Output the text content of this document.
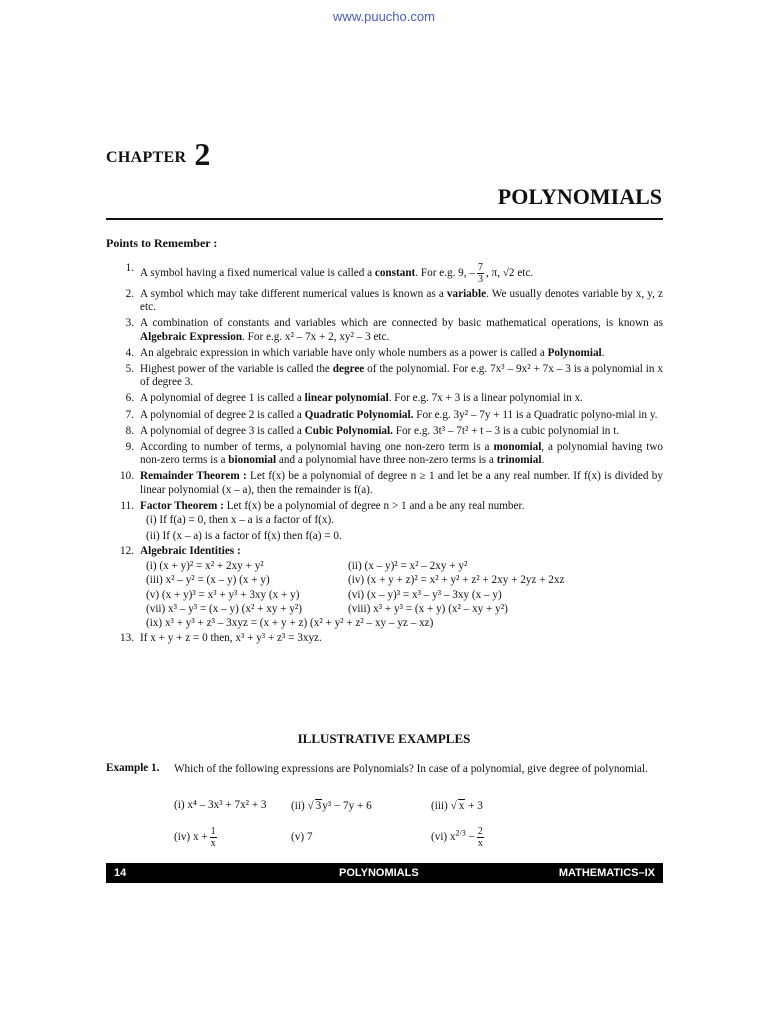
www.puucho.com
CHAPTER 2
POLYNOMIALS
Points to Remember :
1. A symbol having a fixed numerical value is called a constant. For e.g. 9, – $\frac{7}{3}$ , π, √2 etc.
2. A symbol which may take different numerical values is known as a variable. We usually denotes variable by x, y, z etc.
3. A combination of constants and variables which are connected by basic mathematical operations, is known as Algebraic Expression. For e.g. x² – 7x + 2, xy² – 3 etc.
4. An algebraic expression in which variable have only whole numbers as a power is called a Polynomial.
5. Highest power of the variable is called the degree of the polynomial. For e.g. 7x³ – 9x² + 7x – 3 is a polynomial in x of degree 3.
6. A polynomial of degree 1 is called a linear polynomial. For e.g. 7x + 3 is a linear polynomial in x.
7. A polynomial of degree 2 is called a Quadratic Polynomial. For e.g. 3y² – 7y + 11 is a Quadratic polyno-mial in y.
8. A polynomial of degree 3 is called a Cubic Polynomial. For e.g. 3t³ – 7t² + t – 3 is a cubic polynomial in t.
9. According to number of terms, a polynomial having one non-zero term is a monomial, a polynomial having two non-zero terms is a bionomial and a polynomial have three non-zero terms is a trinomial.
10. Remainder Theorem : Let f(x) be a polynomial of degree n ≥ 1 and let be a any real number. If f(x) is divided by linear polynomial (x – a), then the remainder is f(a).
11. Factor Theorem : Let f(x) be a polynomial of degree n > 1 and a be any real number.
(i) If f(a) = 0, then x – a is a factor of f(x).
(ii) If (x – a) is a factor of f(x) then f(a) = 0.
12. Algebraic Identities :
(i) (x + y)² = x² + 2xy + y²	(ii) (x – y)² = x² – 2xy + y²
(iii) x² – y² = (x – y) (x + y)	(iv) (x + y + z)² = x² + y² + z² + 2xy + 2yz + 2xz
(v) (x + y)³ = x³ + y³ + 3xy (x + y)	(vi) (x – y)³ = x³ – y³ – 3xy (x – y)
(vii) x³ – y³ = (x – y) (x² + xy + y²)	(viii) x³ + y³ = (x + y) (x² – xy + y²)
(ix) x³ + y³ + z³ – 3xyz = (x + y + z) (x² + y² + z² – xy – yz – xz)
13. If x + y + z = 0 then, x³ + y³ + z³ = 3xyz.
ILLUSTRATIVE EXAMPLES
Example 1. Which of the following expressions are Polynomials? In case of a polynomial, give degree of polynomial.
(i) x⁴ – 3x³ + 7x² + 3 (ii) √ 3y³ − 7y + 6	(iii) √ x + 3
(iv) $x + \frac{1}{x}$	(v) 7	(vi) $x^{2/3} - \frac{2}{x}$
14	POLYNOMIALS	MATHEMATICS–IX
